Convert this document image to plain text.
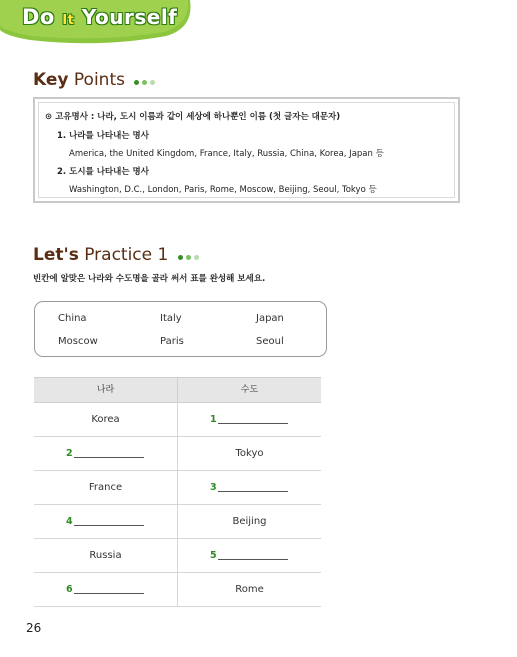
Do It Yourself
Key Points
⊙ 고유명사 : 나라, 도시 이름과 같이 세상에 하나뿐인 이름 (첫 글자는 대문자)
1. 나라를 나타내는 명사
America, the United Kingdom, France, Italy, Russia, China, Korea, Japan 등
2. 도시를 나타내는 명사
Washington, D.C., London, Paris, Rome, Moscow, Beijing, Seoul, Tokyo 등
Let's Practice 1
빈칸에 알맞은 나라와 수도명을 골라 써서 표를 완성해 보세요.
China	Italy	Japan
Moscow	Paris	Seoul
나라	수도
Korea	1
2	Tokyo
France	3
4	Beijing
Russia	5
6	Rome
26
